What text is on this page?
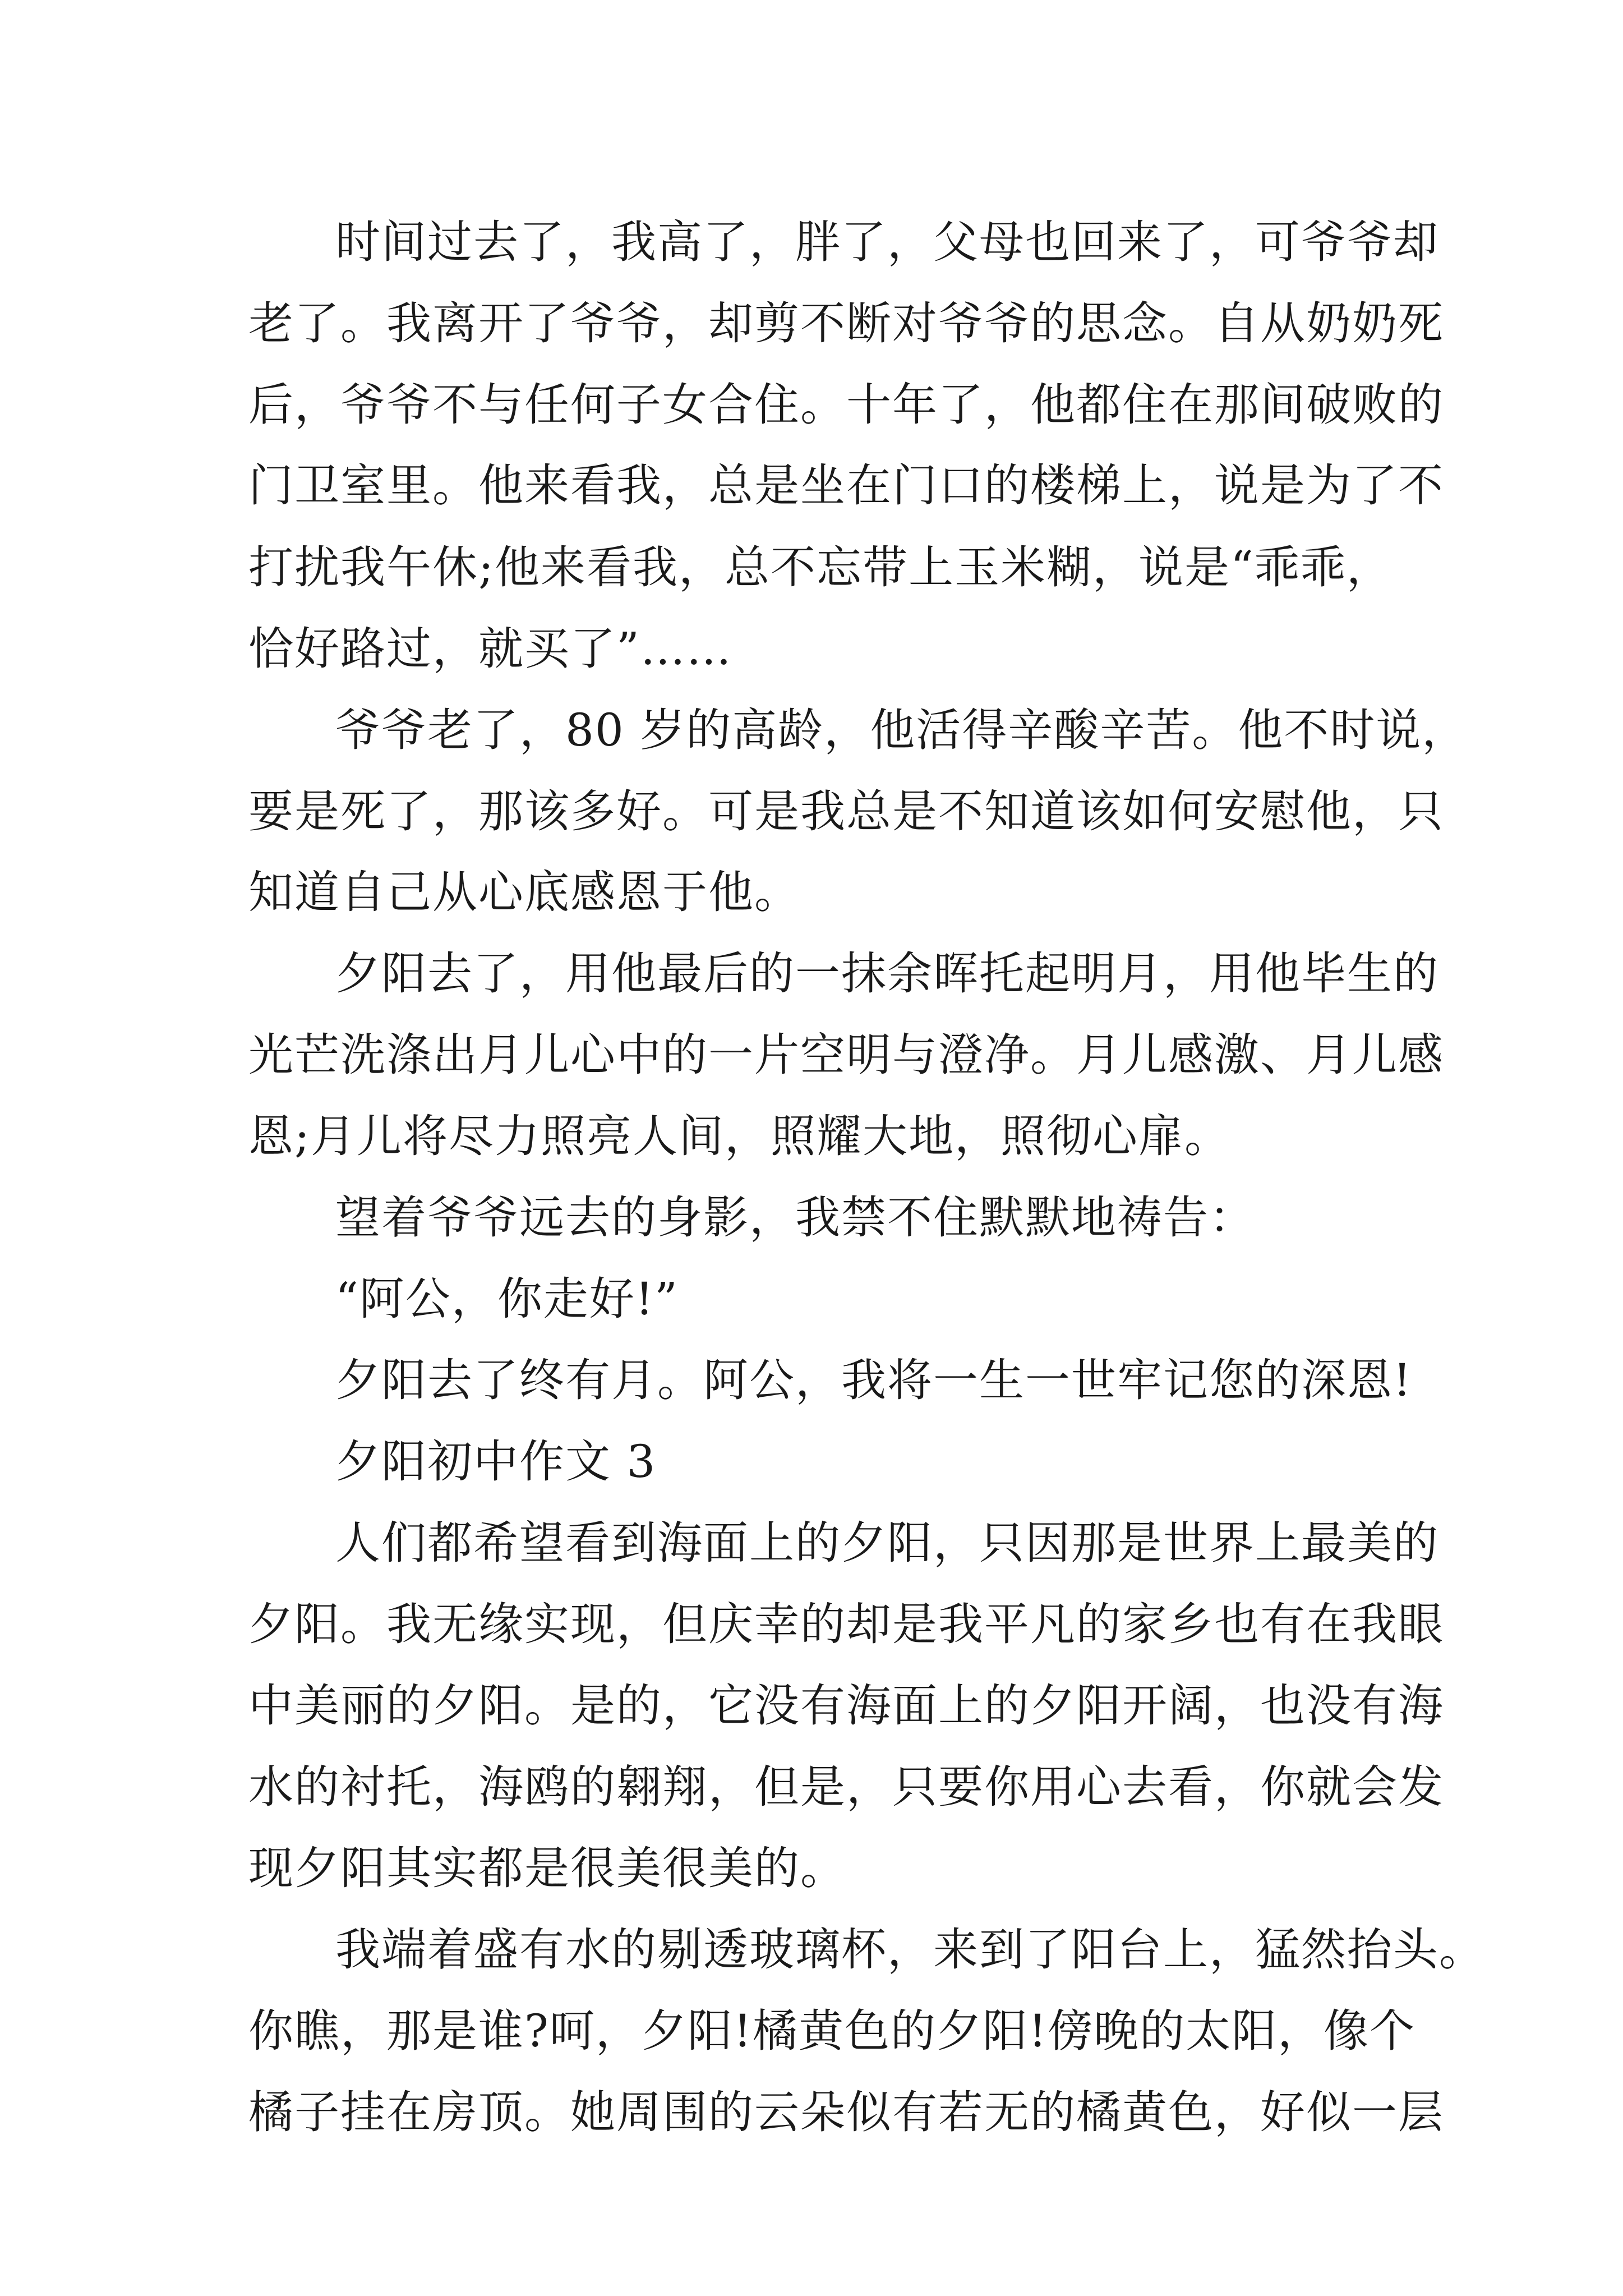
时间过去了，我高了，胖了，父母也回来了，可爷爷却
老了。我离开了爷爷，却剪不断对爷爷的思念。自从奶奶死
后，爷爷不与任何子女合住。十年了，他都住在那间破败的
门卫室里。他来看我，总是坐在门口的楼梯上，说是为了不
打扰我午休;他来看我，总不忘带上玉米糊，说是“乖乖，
恰好路过，就买了”……
爷爷老了，80 岁的高龄，他活得辛酸辛苦。他不时说，
要是死了，那该多好。可是我总是不知道该如何安慰他，只
知道自己从心底感恩于他。
夕阳去了，用他最后的一抹余晖托起明月，用他毕生的
光芒洗涤出月儿心中的一片空明与澄净。月儿感激、月儿感
恩;月儿将尽力照亮人间，照耀大地，照彻心扉。
望着爷爷远去的身影，我禁不住默默地祷告：
“阿公，你走好!”
夕阳去了终有月。阿公，我将一生一世牢记您的深恩!
夕阳初中作文 3
人们都希望看到海面上的夕阳，只因那是世界上最美的
夕阳。我无缘实现，但庆幸的却是我平凡的家乡也有在我眼
中美丽的夕阳。是的，它没有海面上的夕阳开阔，也没有海
水的衬托，海鸥的翱翔，但是，只要你用心去看，你就会发
现夕阳其实都是很美很美的。
我端着盛有水的剔透玻璃杯，来到了阳台上，猛然抬头。
你瞧，那是谁?呵，夕阳!橘黄色的夕阳!傍晚的太阳，像个
橘子挂在房顶。她周围的云朵似有若无的橘黄色，好似一层
